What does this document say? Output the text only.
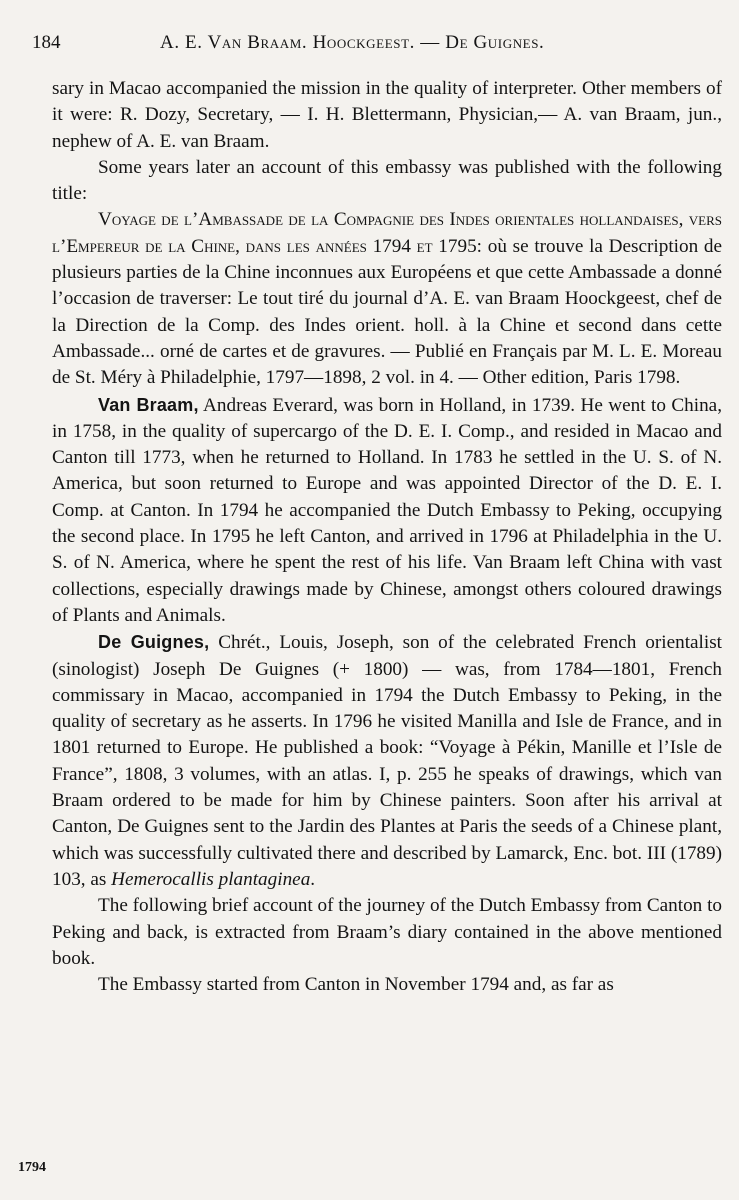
184	A. E. Van Braam. Hoockgeest. — De Guignes.

sary in Macao accompanied the mission in the quality of interpreter. Other members of it were: R. Dozy, Secretary, — I. H. Blettermann, Physician,— A. van Braam, jun., nephew of A. E. van Braam.

Some years later an account of this embassy was published with the following title:

Voyage de l’Ambassade de la Compagnie des Indes orientales hollandaises, vers l’Empereur de la Chine, dans les années 1794 et 1795: où se trouve la Description de plusieurs parties de la Chine inconnues aux Européens et que cette Ambassade a donné l’occasion de traverser: Le tout tiré du journal d’A. E. van Braam Hoockgeest, chef de la Direction de la Comp. des Indes orient. holl. à la Chine et second dans cette Ambassade... orné de cartes et de gravures. — Publié en Français par M. L. E. Moreau de St. Méry à Philadelphie, 1797—1898, 2 vol. in 4. — Other edition, Paris 1798.

Van Braam, Andreas Everard, was born in Holland, in 1739. He went to China, in 1758, in the quality of supercargo of the D. E. I. Comp., and resided in Macao and Canton till 1773, when he returned to Holland. In 1783 he settled in the U. S. of N. America, but soon returned to Europe and was appointed Director of the D. E. I. Comp. at Canton. In 1794 he accompanied the Dutch Embassy to Peking, occupying the second place. In 1795 he left Canton, and arrived in 1796 at Philadelphia in the U. S. of N. America, where he spent the rest of his life. Van Braam left China with vast collections, especially drawings made by Chinese, amongst others coloured drawings of Plants and Animals.

De Guignes, Chrét., Louis, Joseph, son of the celebrated French orientalist (sinologist) Joseph De Guignes (+ 1800) — was, from 1784—1801, French commissary in Macao, accompanied in 1794 the Dutch Embassy to Peking, in the quality of secretary as he asserts. In 1796 he visited Manilla and Isle de France, and in 1801 returned to Europe. He published a book: “Voyage à Pékin, Manille et l’Isle de France”, 1808, 3 volumes, with an atlas. I, p. 255 he speaks of drawings, which van Braam ordered to be made for him by Chinese painters. Soon after his arrival at Canton, De Guignes sent to the Jardin des Plantes at Paris the seeds of a Chinese plant, which was successfully cultivated there and described by Lamarck, Enc. bot. III (1789) 103, as Hemerocallis plantaginea.

The following brief account of the journey of the Dutch Embassy from Canton to Peking and back, is extracted from Braam’s diary contained in the above mentioned book.

The Embassy started from Canton in November 1794 and, as far as

1794
